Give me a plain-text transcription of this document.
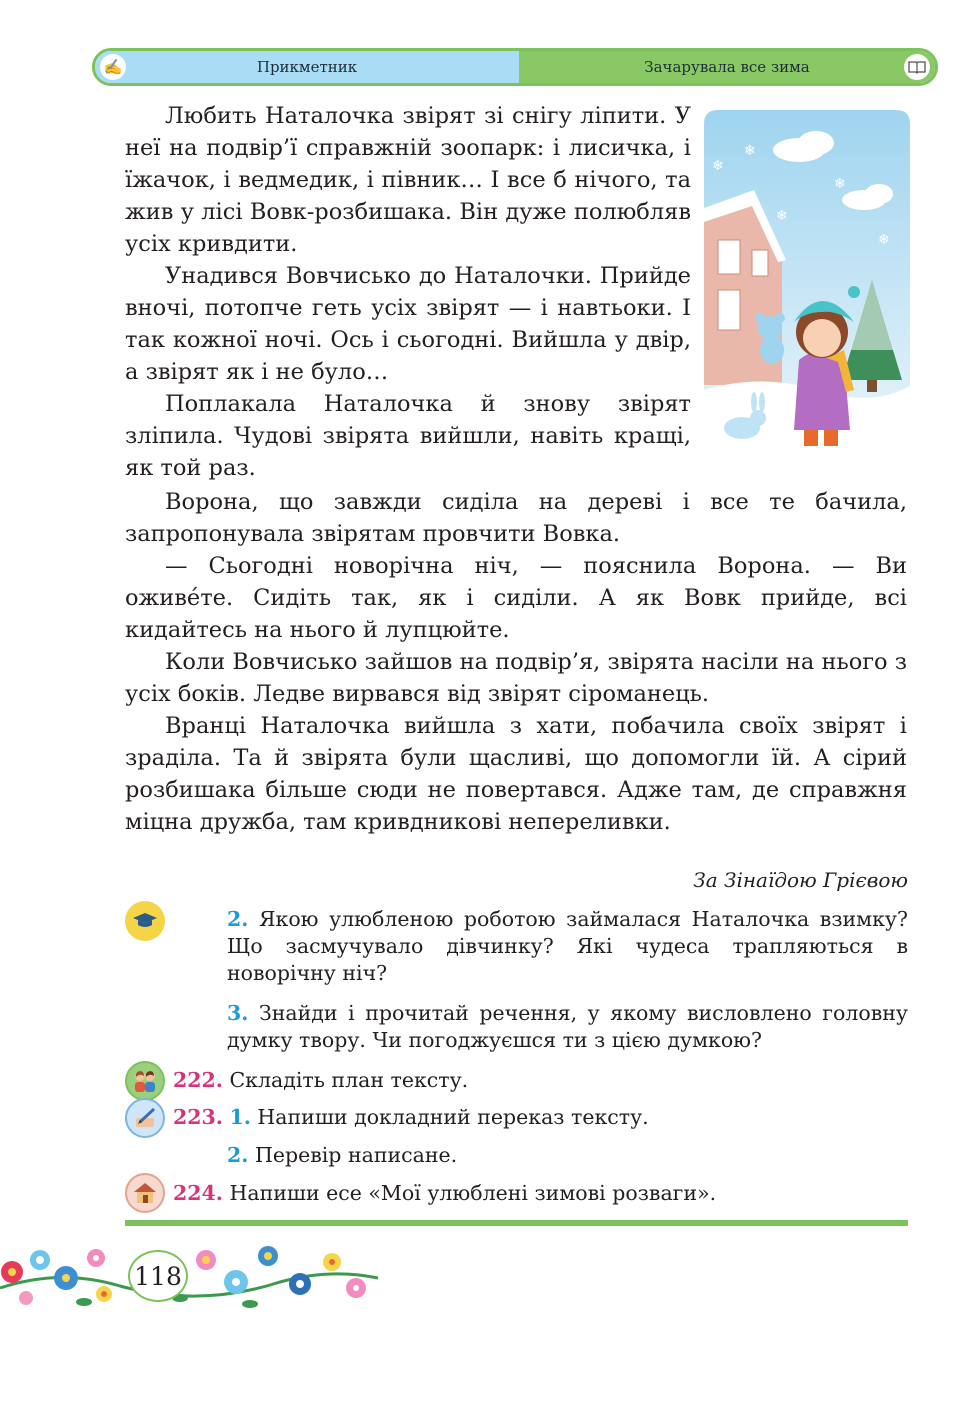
✍	Прикметник	Зачарувала все зима
❄
❄
❄
❄
❄
❄

Любить Наталочка звірят зі снігу ліпити. У неї на подвір’ї справжній зоопарк: і лисичка, і їжачок, і ведмедик, і півник… І все б нічого, та жив у лісі Вовк-розбишака. Він дуже полюбляв усіх кривдити.

Унадився Вовчисько до Наталочки. Прийде вночі, потопче геть усіх звірят — і навтьоки. І так кожної ночі. Ось і сьогодні. Вийшла у двір, а звірят як і не було…

Поплакала Наталочка й знову звірят зліпила. Чудові звірята вийшли, навіть кращі, як той раз.

Ворона, що завжди сиділа на дереві і все те бачила, запропонувала звірятам провчити Вовка.

— Сьогодні новорічна ніч, — пояснила Ворона. — Ви оживéте. Сидіть так, як і сиділи. А як Вовк прийде, всі кидайтесь на нього й лупцюйте.

Коли Вовчисько зайшов на подвір’я, звірята насіли на нього з усіх боків. Ледве вирвався від звірят сіроманець.

Вранці Наталочка вийшла з хати, побачила своїх звірят і зраділа. Та й звірята були щасливі, що допомогли їй. А сірий розбишака більше сюди не повертався. Адже там, де справжня міцна дружба, там кривдникові непереливки.

За Зінаїдою Грієвою
2. Якою улюбленою роботою займалася Наталочка взимку? Що засмучувало дівчинку? Які чудеса трапляються в новорічну ніч?
3. Знайди і прочитай речення, у якому висловлено головну думку твору. Чи погоджуєшся ти з цією думкою?
222. Складіть план тексту.
223. 1. Напиши докладний переказ тексту.
2. Перевір написане.
224. Напиши есе «Мої улюблені зимові розваги».
118
